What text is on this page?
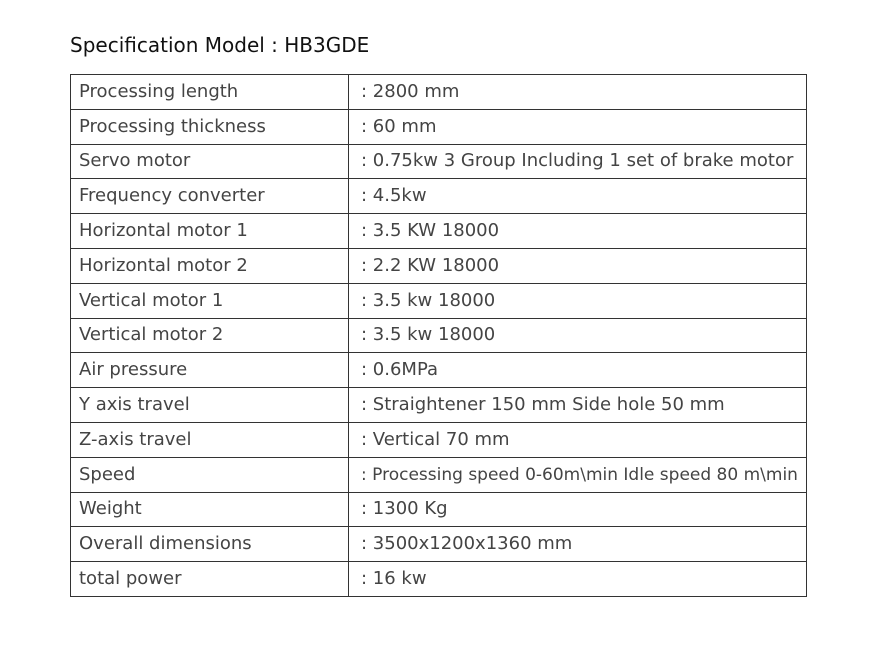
Specification Model : HB3GDE
Processing length	: 2800 mm
Processing thickness	: 60 mm
Servo motor	: 0.75kw 3 Group Including 1 set of brake motor
Frequency converter	: 4.5kw
Horizontal motor 1	: 3.5 KW 18000
Horizontal motor 2	: 2.2 KW 18000
Vertical motor 1	: 3.5 kw 18000
Vertical motor 2	: 3.5 kw 18000
Air pressure	: 0.6MPa
Y axis travel	: Straightener 150 mm Side hole 50 mm
Z-axis travel	: Vertical 70 mm
Speed	: Processing speed 0-60m\min Idle speed 80 m\min
Weight	: 1300 Kg
Overall dimensions	: 3500x1200x1360 mm
total power	: 16 kw
